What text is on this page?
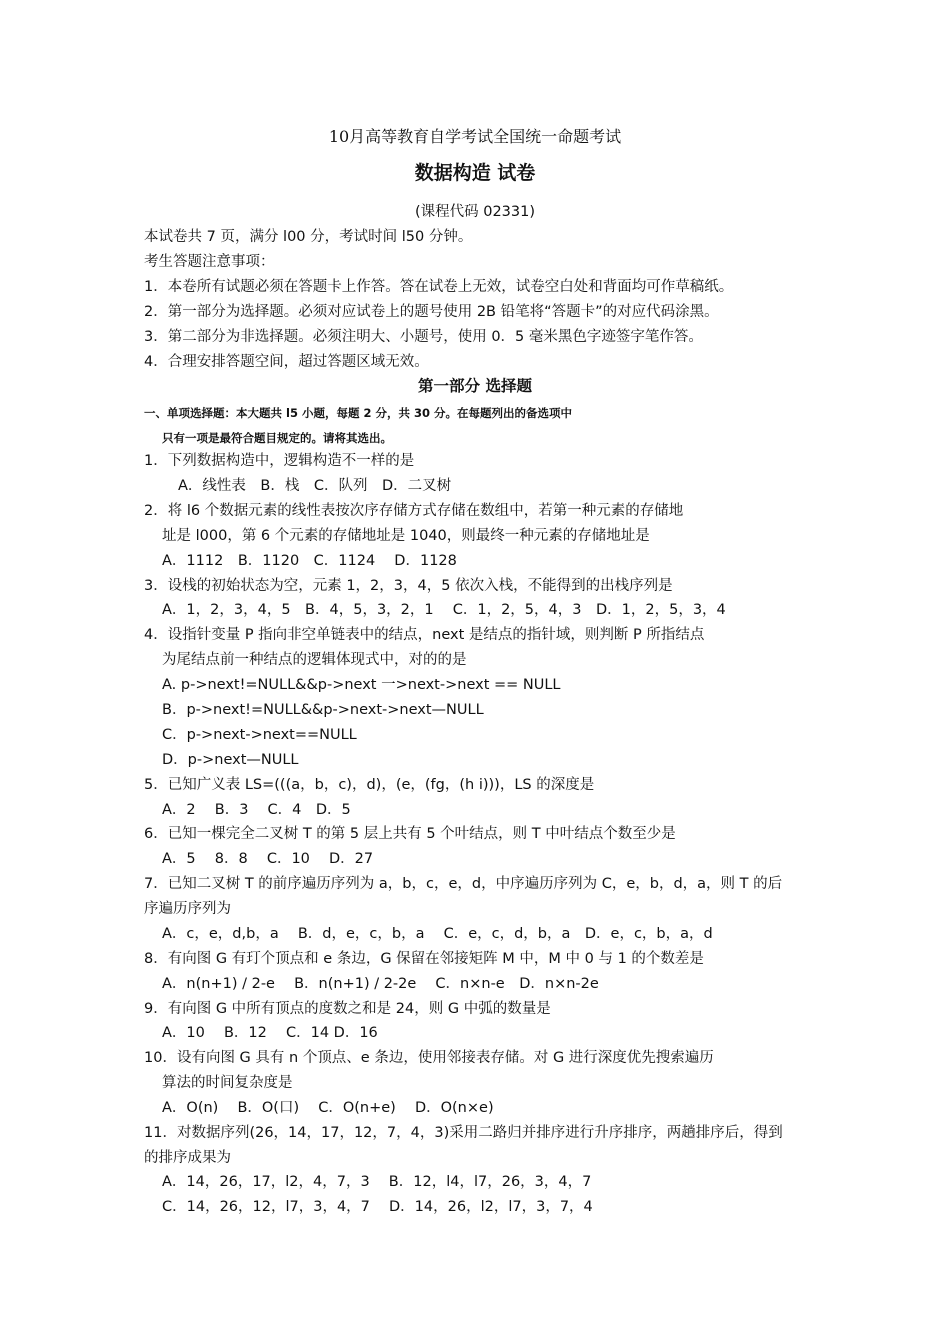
10月高等教育自学考试全国统一命题考试
数据构造 试卷
(课程代码 02331)
本试卷共 7 页，满分 l00 分，考试时间 l50 分钟。
考生答题注意事项：
1．本卷所有试题必须在答题卡上作答。答在试卷上无效，试卷空白处和背面均可作草稿纸。
2．第一部分为选择题。必须对应试卷上的题号使用 2B 铅笔将“答题卡”的对应代码涂黑。
3．第二部分为非选择题。必须注明大、小题号，使用 0．5 毫米黑色字迹签字笔作答。
4．合理安排答题空间，超过答题区域无效。
第一部分 选择题
一、单项选择题：本大题共 l5 小题，每题 2 分，共 30 分。在每题列出的备选项中
只有一项是最符合题目规定的。请将其选出。
1．下列数据构造中，逻辑构造不一样的是
A．线性表　B．栈　C．队列　D．二叉树
2．将 l6 个数据元素的线性表按次序存储方式存储在数组中，若第一种元素的存储地
址是 l000，第 6 个元素的存储地址是 1040，则最终一种元素的存储地址是
A．1112　B．1120　C．1124　 D．1128
3．设栈的初始状态为空，元素 1，2，3，4，5 依次入栈，不能得到的出栈序列是
A．1，2，3，4，5　B．4，5，3，2，1　 C．1，2，5，4，3　D．1，2，5，3，4
4．设指针变量 P 指向非空单链表中的结点，next 是结点的指针域，则判断 P 所指结点
为尾结点前一种结点的逻辑体现式中，对的的是
A. p->next!=NULL&&p->next 一>next->next == NULL
B．p->next!=NULL&&p->next->next—NULL
C．p->next->next==NULL
D．p->next—NULL
5．已知广义表 LS=(((a，b，c)，d)，(e，(fg，(h i)))，LS 的深度是
A．2　 B．3　 C．4　D．5
6．已知一棵完全二叉树 T 的第 5 层上共有 5 个叶结点，则 T 中叶结点个数至少是
A．5　 8．8　 C．10　 D．27
7．已知二叉树 T 的前序遍历序列为 a，b，c，e，d，中序遍历序列为 C，e，b，d，a，则 T 的后
序遍历序列为
A．c，e，d,b，a　 B．d，e，c，b，a　 C．e，c，d，b，a　D．e，c，b，a，d
8．有向图 G 有玎个顶点和 e 条边，G 保留在邻接矩阵 M 中，M 中 0 与 1 的个数差是
A．n(n+1) / 2-e　 B．n(n+1) / 2-2e　 C．n×n-e　D．n×n-2e
9．有向图 G 中所有顶点的度数之和是 24，则 G 中弧的数量是
A．10　 B．12　 C．14 D．16
10．设有向图 G 具有 n 个顶点、e 条边，使用邻接表存储。对 G 进行深度优先搜索遍历
算法的时间复杂度是
A．O(n)　 B．O(口)　 C．O(n+e)　 D．O(n×e)
11．对数据序列(26，14，17，12，7，4，3)采用二路归并排序进行升序排序，两趟排序后，得到
的排序成果为
A．14，26，17，l2，4，7，3　 B．12，l4，l7，26，3，4，7
C．14，26，12，l7，3，4，7　 D．14，26，l2，l7，3，7，4
